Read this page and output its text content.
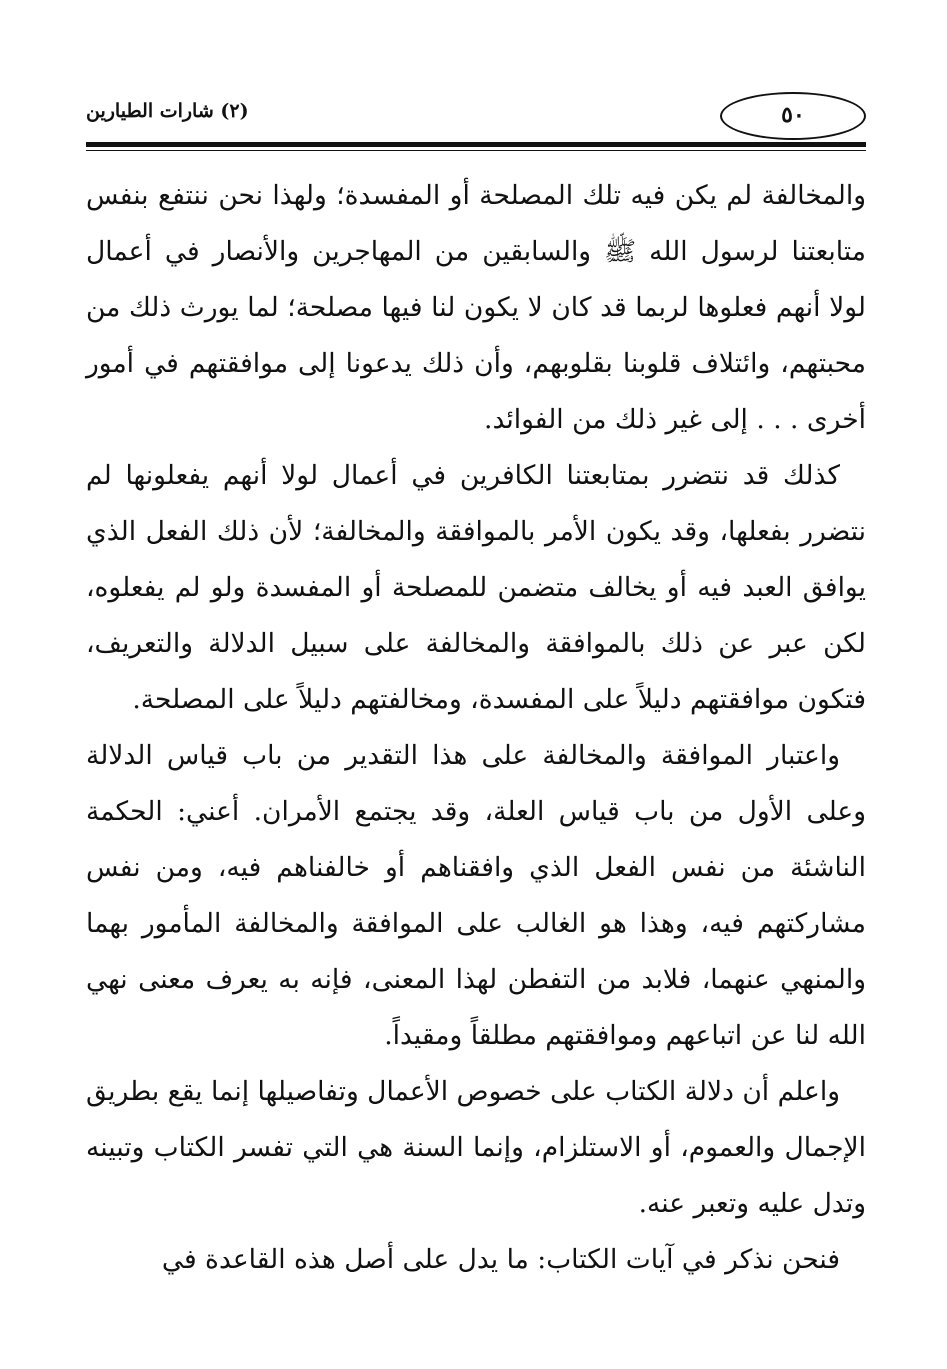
(٢) شارات الطيارين	٥٠

والمخالفة لم يكن فيه تلك المصلحة أو المفسدة؛ ولهذا نحن ننتفع بنفس متابعتنا لرسول الله ﷺ والسابقين من المهاجرين والأنصار في أعمال لولا أنهم فعلوها لربما قد كان لا يكون لنا فيها مصلحة؛ لما يورث ذلك من محبتهم، وائتلاف قلوبنا بقلوبهم، وأن ذلك يدعونا إلى موافقتهم في أمور أخرى . . . إلى غير ذلك من الفوائد.

كذلك قد نتضرر بمتابعتنا الكافرين في أعمال لولا أنهم يفعلونها لم نتضرر بفعلها، وقد يكون الأمر بالموافقة والمخالفة؛ لأن ذلك الفعل الذي يوافق العبد فيه أو يخالف متضمن للمصلحة أو المفسدة ولو لم يفعلوه، لكن عبر عن ذلك بالموافقة والمخالفة على سبيل الدلالة والتعريف، فتكون موافقتهم دليلاً على المفسدة، ومخالفتهم دليلاً على المصلحة.

واعتبار الموافقة والمخالفة على هذا التقدير من باب قياس الدلالة وعلى الأول من باب قياس العلة، وقد يجتمع الأمران. أعني: الحكمة الناشئة من نفس الفعل الذي وافقناهم أو خالفناهم فيه، ومن نفس مشاركتهم فيه، وهذا هو الغالب على الموافقة والمخالفة المأمور بهما والمنهي عنهما، فلابد من التفطن لهذا المعنى، فإنه به يعرف معنى نهي الله لنا عن اتباعهم وموافقتهم مطلقاً ومقيداً.

واعلم أن دلالة الكتاب على خصوص الأعمال وتفاصيلها إنما يقع بطريق الإجمال والعموم، أو الاستلزام، وإنما السنة هي التي تفسر الكتاب وتبينه وتدل عليه وتعبر عنه.

فنحن نذكر في آيات الكتاب: ما يدل على أصل هذه القاعدة في
